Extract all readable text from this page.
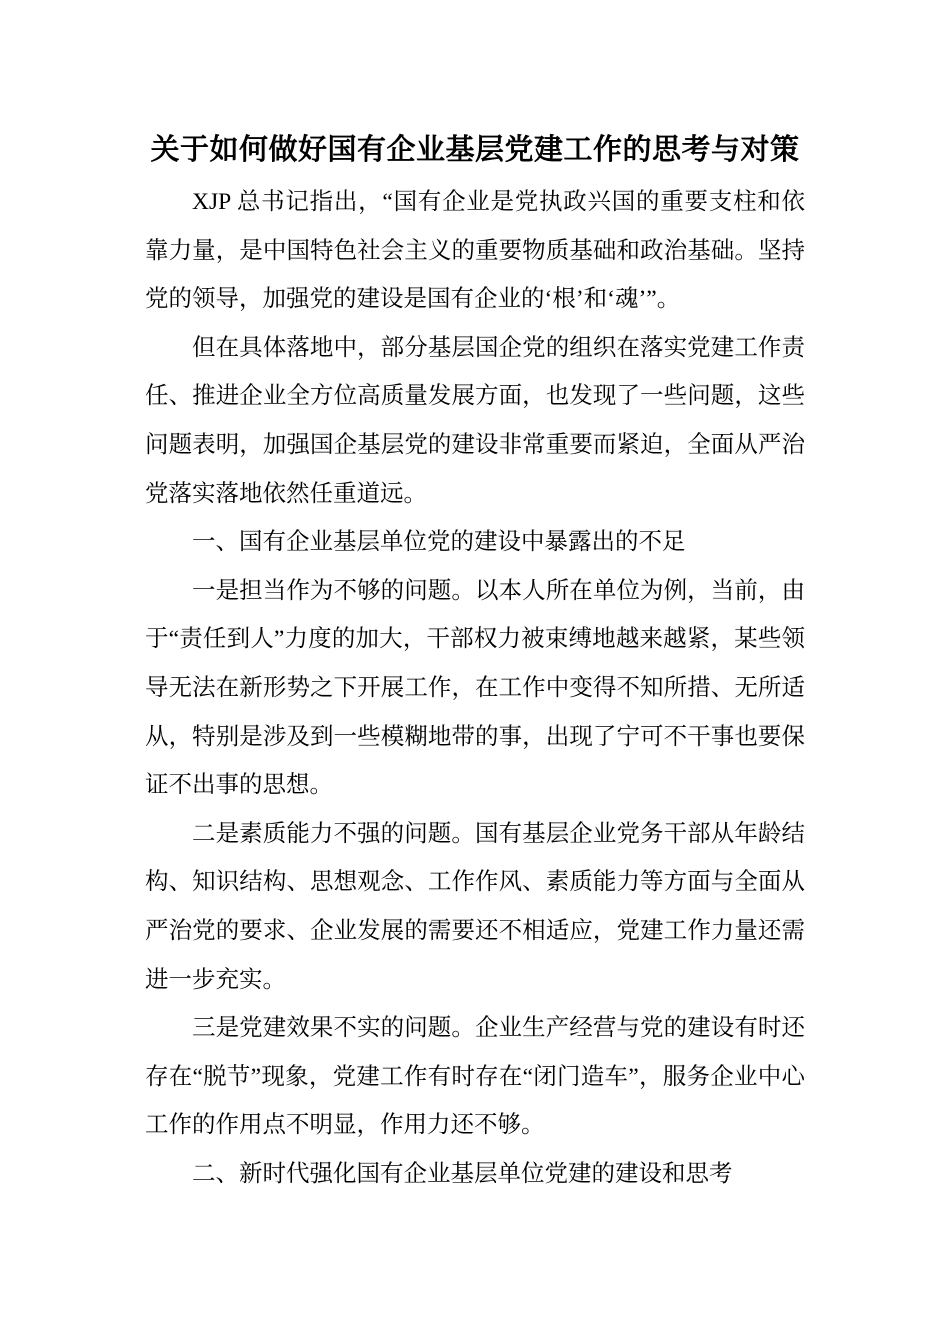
关于如何做好国有企业基层党建工作的思考与对策

XJP 总书记指出，“国有企业是党执政兴国的重要支柱和依靠力量，是中国特色社会主义的重要物质基础和政治基础。坚持党的领导，加强党的建设是国有企业的‘根’和‘魂’”。

但在具体落地中，部分基层国企党的组织在落实党建工作责任、推进企业全方位高质量发展方面，也发现了一些问题，这些问题表明，加强国企基层党的建设非常重要而紧迫，全面从严治党落实落地依然任重道远。

一、国有企业基层单位党的建设中暴露出的不足

一是担当作为不够的问题。以本人所在单位为例，当前，由于“责任到人”力度的加大，干部权力被束缚地越来越紧，某些领导无法在新形势之下开展工作，在工作中变得不知所措、无所适从，特别是涉及到一些模糊地带的事，出现了宁可不干事也要保证不出事的思想。

二是素质能力不强的问题。国有基层企业党务干部从年龄结构、知识结构、思想观念、工作作风、素质能力等方面与全面从严治党的要求、企业发展的需要还不相适应，党建工作力量还需进一步充实。

三是党建效果不实的问题。企业生产经营与党的建设有时还存在“脱节”现象，党建工作有时存在“闭门造车”，服务企业中心工作的作用点不明显，作用力还不够。

二、新时代强化国有企业基层单位党建的建设和思考
